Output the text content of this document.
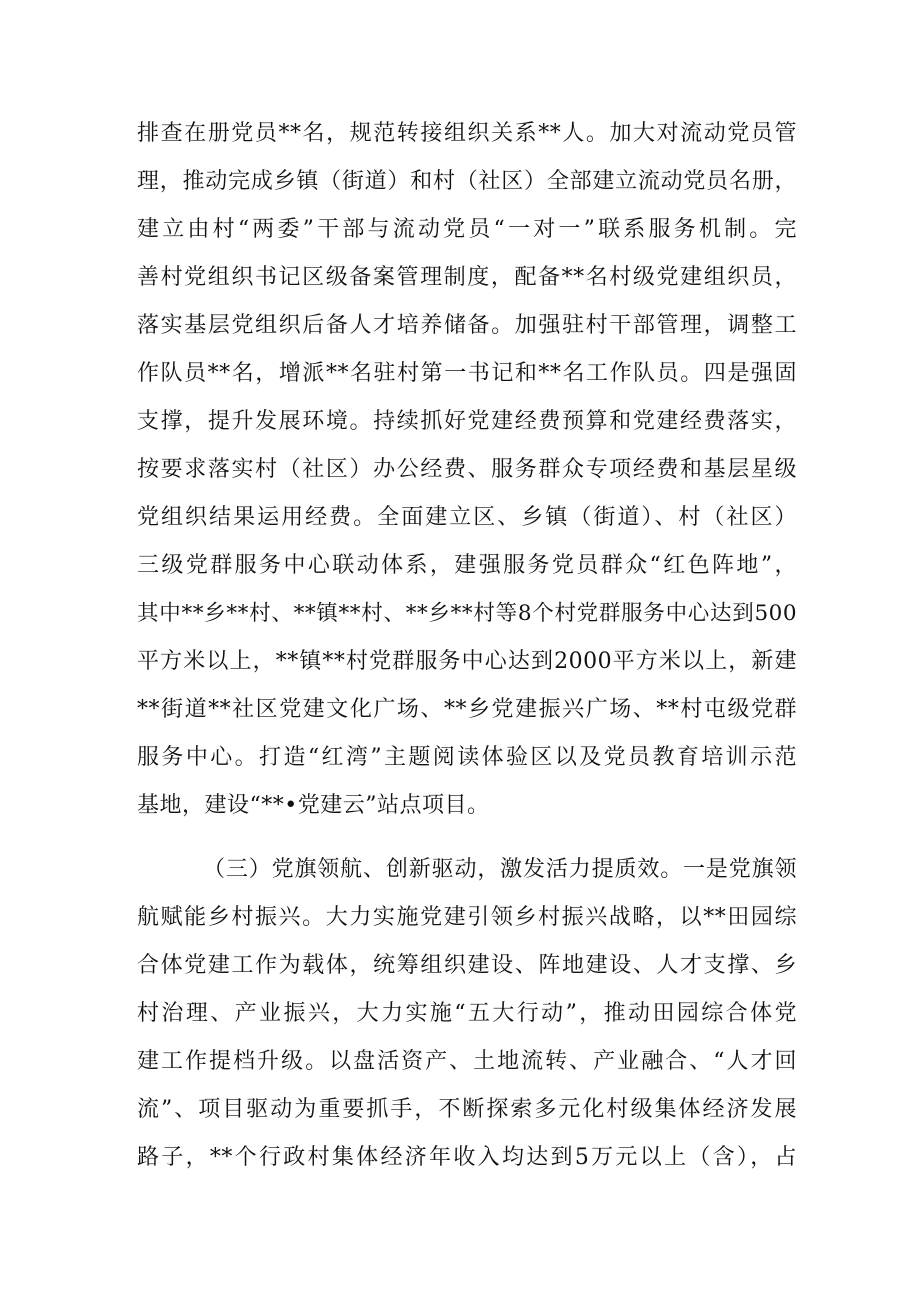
排查在册党员**名，规范转接组织关系**人。加大对流动党员管
理，推动完成乡镇（街道）和村（社区）全部建立流动党员名册，
建立由村“两委”干部与流动党员“一对一”联系服务机制。完
善村党组织书记区级备案管理制度，配备**名村级党建组织员，
落实基层党组织后备人才培养储备。加强驻村干部管理，调整工
作队员**名，增派**名驻村第一书记和**名工作队员。四是强固
支撑，提升发展环境。持续抓好党建经费预算和党建经费落实，
按要求落实村（社区）办公经费、服务群众专项经费和基层星级
党组织结果运用经费。全面建立区、乡镇（街道）、村（社区）
三级党群服务中心联动体系，建强服务党员群众“红色阵地”，
其中**乡**村、**镇**村、**乡**村等8个村党群服务中心达到500
平方米以上，**镇**村党群服务中心达到2000平方米以上，新建
**街道**社区党建文化广场、**乡党建振兴广场、**村屯级党群
服务中心。打造“红湾”主题阅读体验区以及党员教育培训示范
基地，建设“**•党建云”站点项目。
（三）党旗领航、创新驱动，激发活力提质效。一是党旗领
航赋能乡村振兴。大力实施党建引领乡村振兴战略，以**田园综
合体党建工作为载体，统筹组织建设、阵地建设、人才支撑、乡
村治理、产业振兴，大力实施“五大行动”，推动田园综合体党
建工作提档升级。以盘活资产、土地流转、产业融合、“人才回
流”、项目驱动为重要抓手，不断探索多元化村级集体经济发展
路子，**个行政村集体经济年收入均达到5万元以上（含），占
